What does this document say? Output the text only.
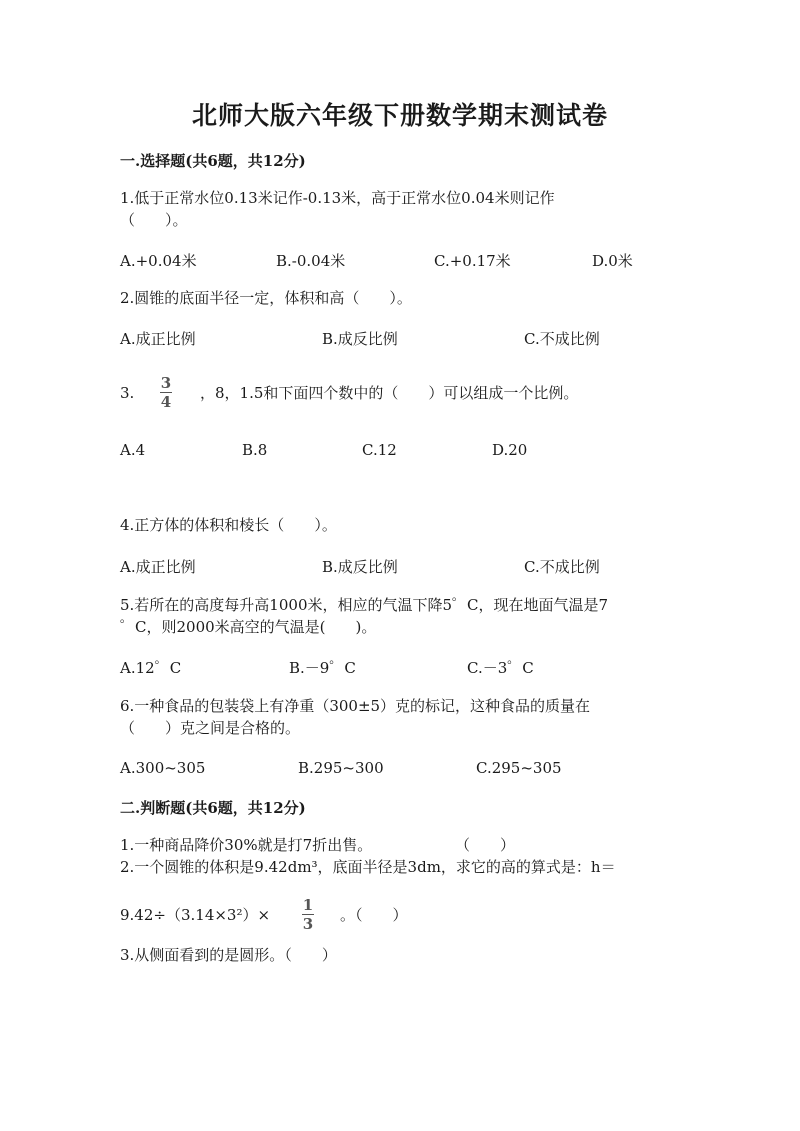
北师大版六年级下册数学期末测试卷
一.选择题(共6题，共12分)
1.低于正常水位0.13米记作-0.13米，高于正常水位0.04米则记作
（　　）。
A.+0.04米	B.-0.04米	C.+0.17米	D.0米
2.圆锥的底面半径一定，体积和高（　　）。
A.成正比例	B.成反比例	C.不成比例
3.
3
4
，8，1.5和下面四个数中的（　　）可以组成一个比例。
A.4	B.8	C.12	D.20
4.正方体的体积和棱长（　　）。
A.成正比例	B.成反比例	C.不成比例
5.若所在的高度每升高1000米，相应的气温下降5゜C，现在地面气温是7
゜C，则2000米高空的气温是(　　)。
A.12゜C	B.－9゜C	C.－3゜C
6.一种食品的包装袋上有净重（300±5）克的标记，这种食品的质量在
（　　）克之间是合格的。
A.300~305	B.295~300	C.295~305
二.判断题(共6题，共12分)
1.一种商品降价30%就是打7折出售。	（　　）
2.一个圆锥的体积是9.42dm³，底面半径是3dm，求它的高的算式是：h＝
9.42÷（3.14×3²）×
1
3
。（　　）
3.从侧面看到的是圆形。（　　）
